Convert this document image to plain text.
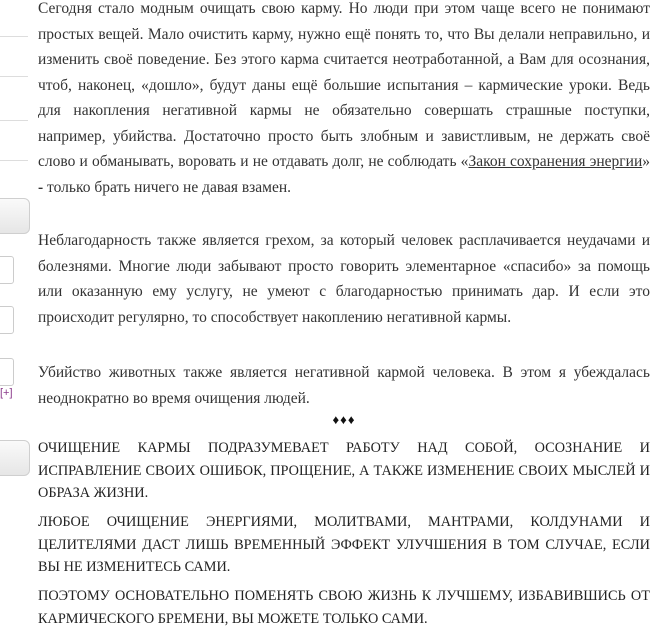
[+]

Сегодня стало модным очищать свою карму. Но люди при этом чаще всего не понимают простых вещей. Мало очистить карму, нужно ещё понять то, что Вы делали неправильно, и изменить своё поведение. Без этого карма считается неотработанной, а Вам для осознания, чтоб, наконец, «дошло», будут даны ещё большие испытания – кармические уроки. Ведь для накопления негативной кармы не обязательно совершать страшные поступки, например, убийства. Достаточно просто быть злобным и завистливым, не держать своё слово и обманывать, воровать и не отдавать долг, не соблюдать «Закон сохранения энергии» - только брать ничего не давая взамен.

Неблагодарность также является грехом, за который человек расплачивается неудачами и болезнями. Многие люди забывают просто говорить элементарное «спасибо» за помощь или оказанную ему услугу, не умеют с благодарностью принимать дар. И если это происходит регулярно, то способствует накоплению негативной кармы.

Убийство животных также является негативной кармой человека. В этом я убеждалась неоднократно во время очищения людей.

♦♦♦

ОЧИЩЕНИЕ КАРМЫ ПОДРАЗУМЕВАЕТ РАБОТУ НАД СОБОЙ, ОСОЗНАНИЕ И ИСПРАВЛЕНИЕ СВОИХ ОШИБОК, ПРОЩЕНИЕ, А ТАКЖЕ ИЗМЕНЕНИЕ СВОИХ МЫСЛЕЙ И ОБРАЗА ЖИЗНИ.

ЛЮБОЕ ОЧИЩЕНИЕ ЭНЕРГИЯМИ, МОЛИТВАМИ, МАНТРАМИ, КОЛДУНАМИ И ЦЕЛИТЕЛЯМИ ДАСТ ЛИШЬ ВРЕМЕННЫЙ ЭФФЕКТ УЛУЧШЕНИЯ В ТОМ СЛУЧАЕ, ЕСЛИ ВЫ НЕ ИЗМЕНИТЕСЬ САМИ.

ПОЭТОМУ ОСНОВАТЕЛЬНО ПОМЕНЯТЬ СВОЮ ЖИЗНЬ К ЛУЧШЕМУ, ИЗБАВИВШИСЬ ОТ КАРМИЧЕСКОГО БРЕМЕНИ, ВЫ МОЖЕТЕ ТОЛЬКО САМИ.
